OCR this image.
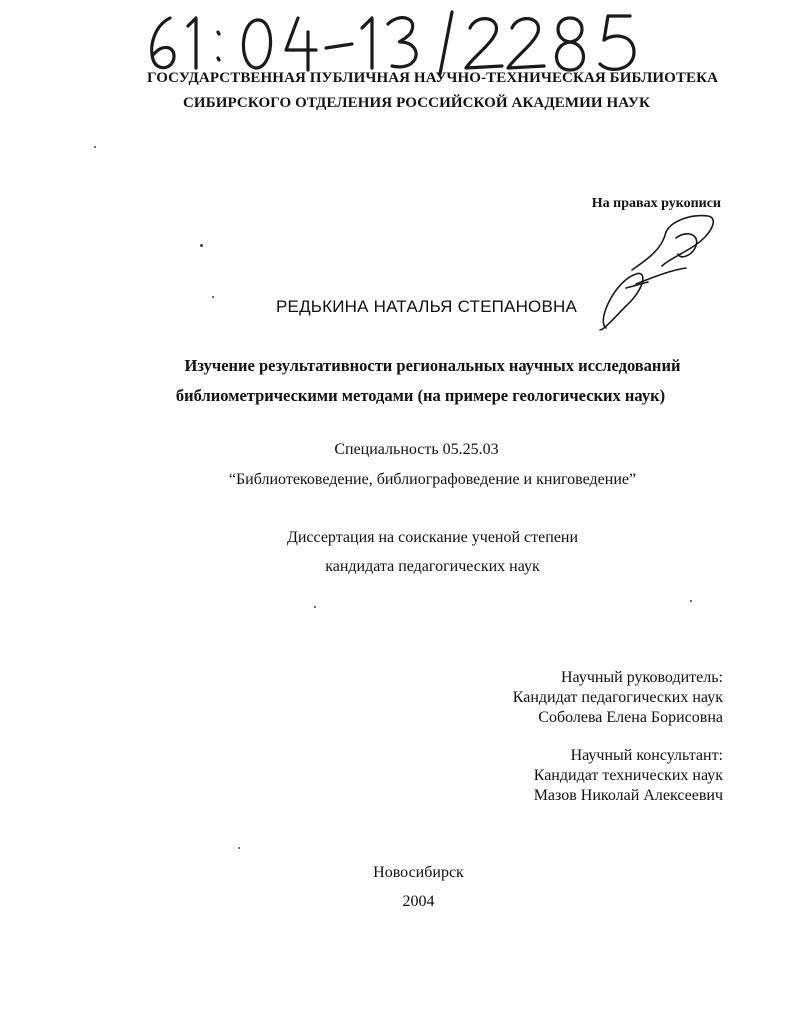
ГОСУДАРСТВЕННАЯ ПУБЛИЧНАЯ НАУЧНО-ТЕХНИЧЕСКАЯ БИБЛИОТЕКА
СИБИРСКОГО ОТДЕЛЕНИЯ РОССИЙСКОЙ АКАДЕМИИ НАУК
На правах рукописи
РЕДЬКИНА НАТАЛЬЯ СТЕПАНОВНА
Изучение результативности региональных научных исследований
библиометрическими методами (на примере геологических наук)
Специальность 05.25.03
“Библиотековедение, библиографоведение и книговедение”
Диссертация на соискание ученой степени
кандидата педагогических наук
Научный руководитель:
Кандидат педагогических наук
Соболева Елена Борисовна
Научный консультант:
Кандидат технических наук
Мазов Николай Алексеевич
Новосибирск
2004
